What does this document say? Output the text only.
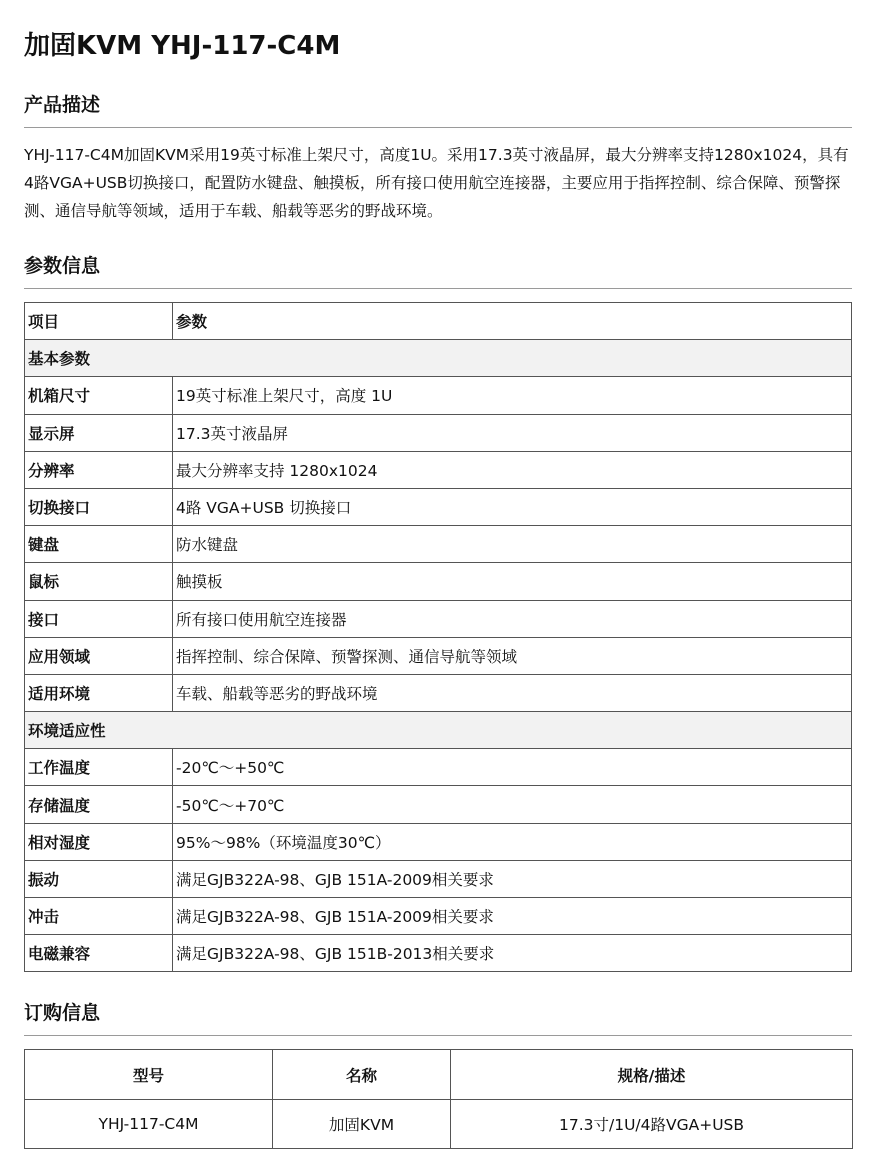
加固KVM YHJ-117-C4M
产品描述

YHJ-117-C4M加固KVM采用19英寸标准上架尺寸，高度1U。采用17.3英寸液晶屏，最大分辨率支持1280x1024，具有4路VGA+USB切换接口，配置防水键盘、触摸板，所有接口使用航空连接器，主要应用于指挥控制、综合保障、预警探测、通信导航等领域，适用于车载、船载等恶劣的野战环境。

参数信息
项目	参数
基本参数	
机箱尺寸	19英寸标准上架尺寸，高度 1U
显示屏	17.3英寸液晶屏
分辨率	最大分辨率支持 1280x1024
切换接口	4路 VGA+USB 切换接口
键盘	防水键盘
鼠标	触摸板
接口	所有接口使用航空连接器
应用领域	指挥控制、综合保障、预警探测、通信导航等领域
适用环境	车载、船载等恶劣的野战环境
环境适应性	
工作温度	-20℃～+50℃
存储温度	-50℃～+70℃
相对湿度	95%～98%（环境温度30℃）
振动	满足GJB322A-98、GJB 151A-2009相关要求
冲击	满足GJB322A-98、GJB 151A-2009相关要求
电磁兼容	满足GJB322A-98、GJB 151B-2013相关要求
订购信息
型号	名称	规格/描述
YHJ-117-C4M	加固KVM	17.3寸/1U/4路VGA+USB
